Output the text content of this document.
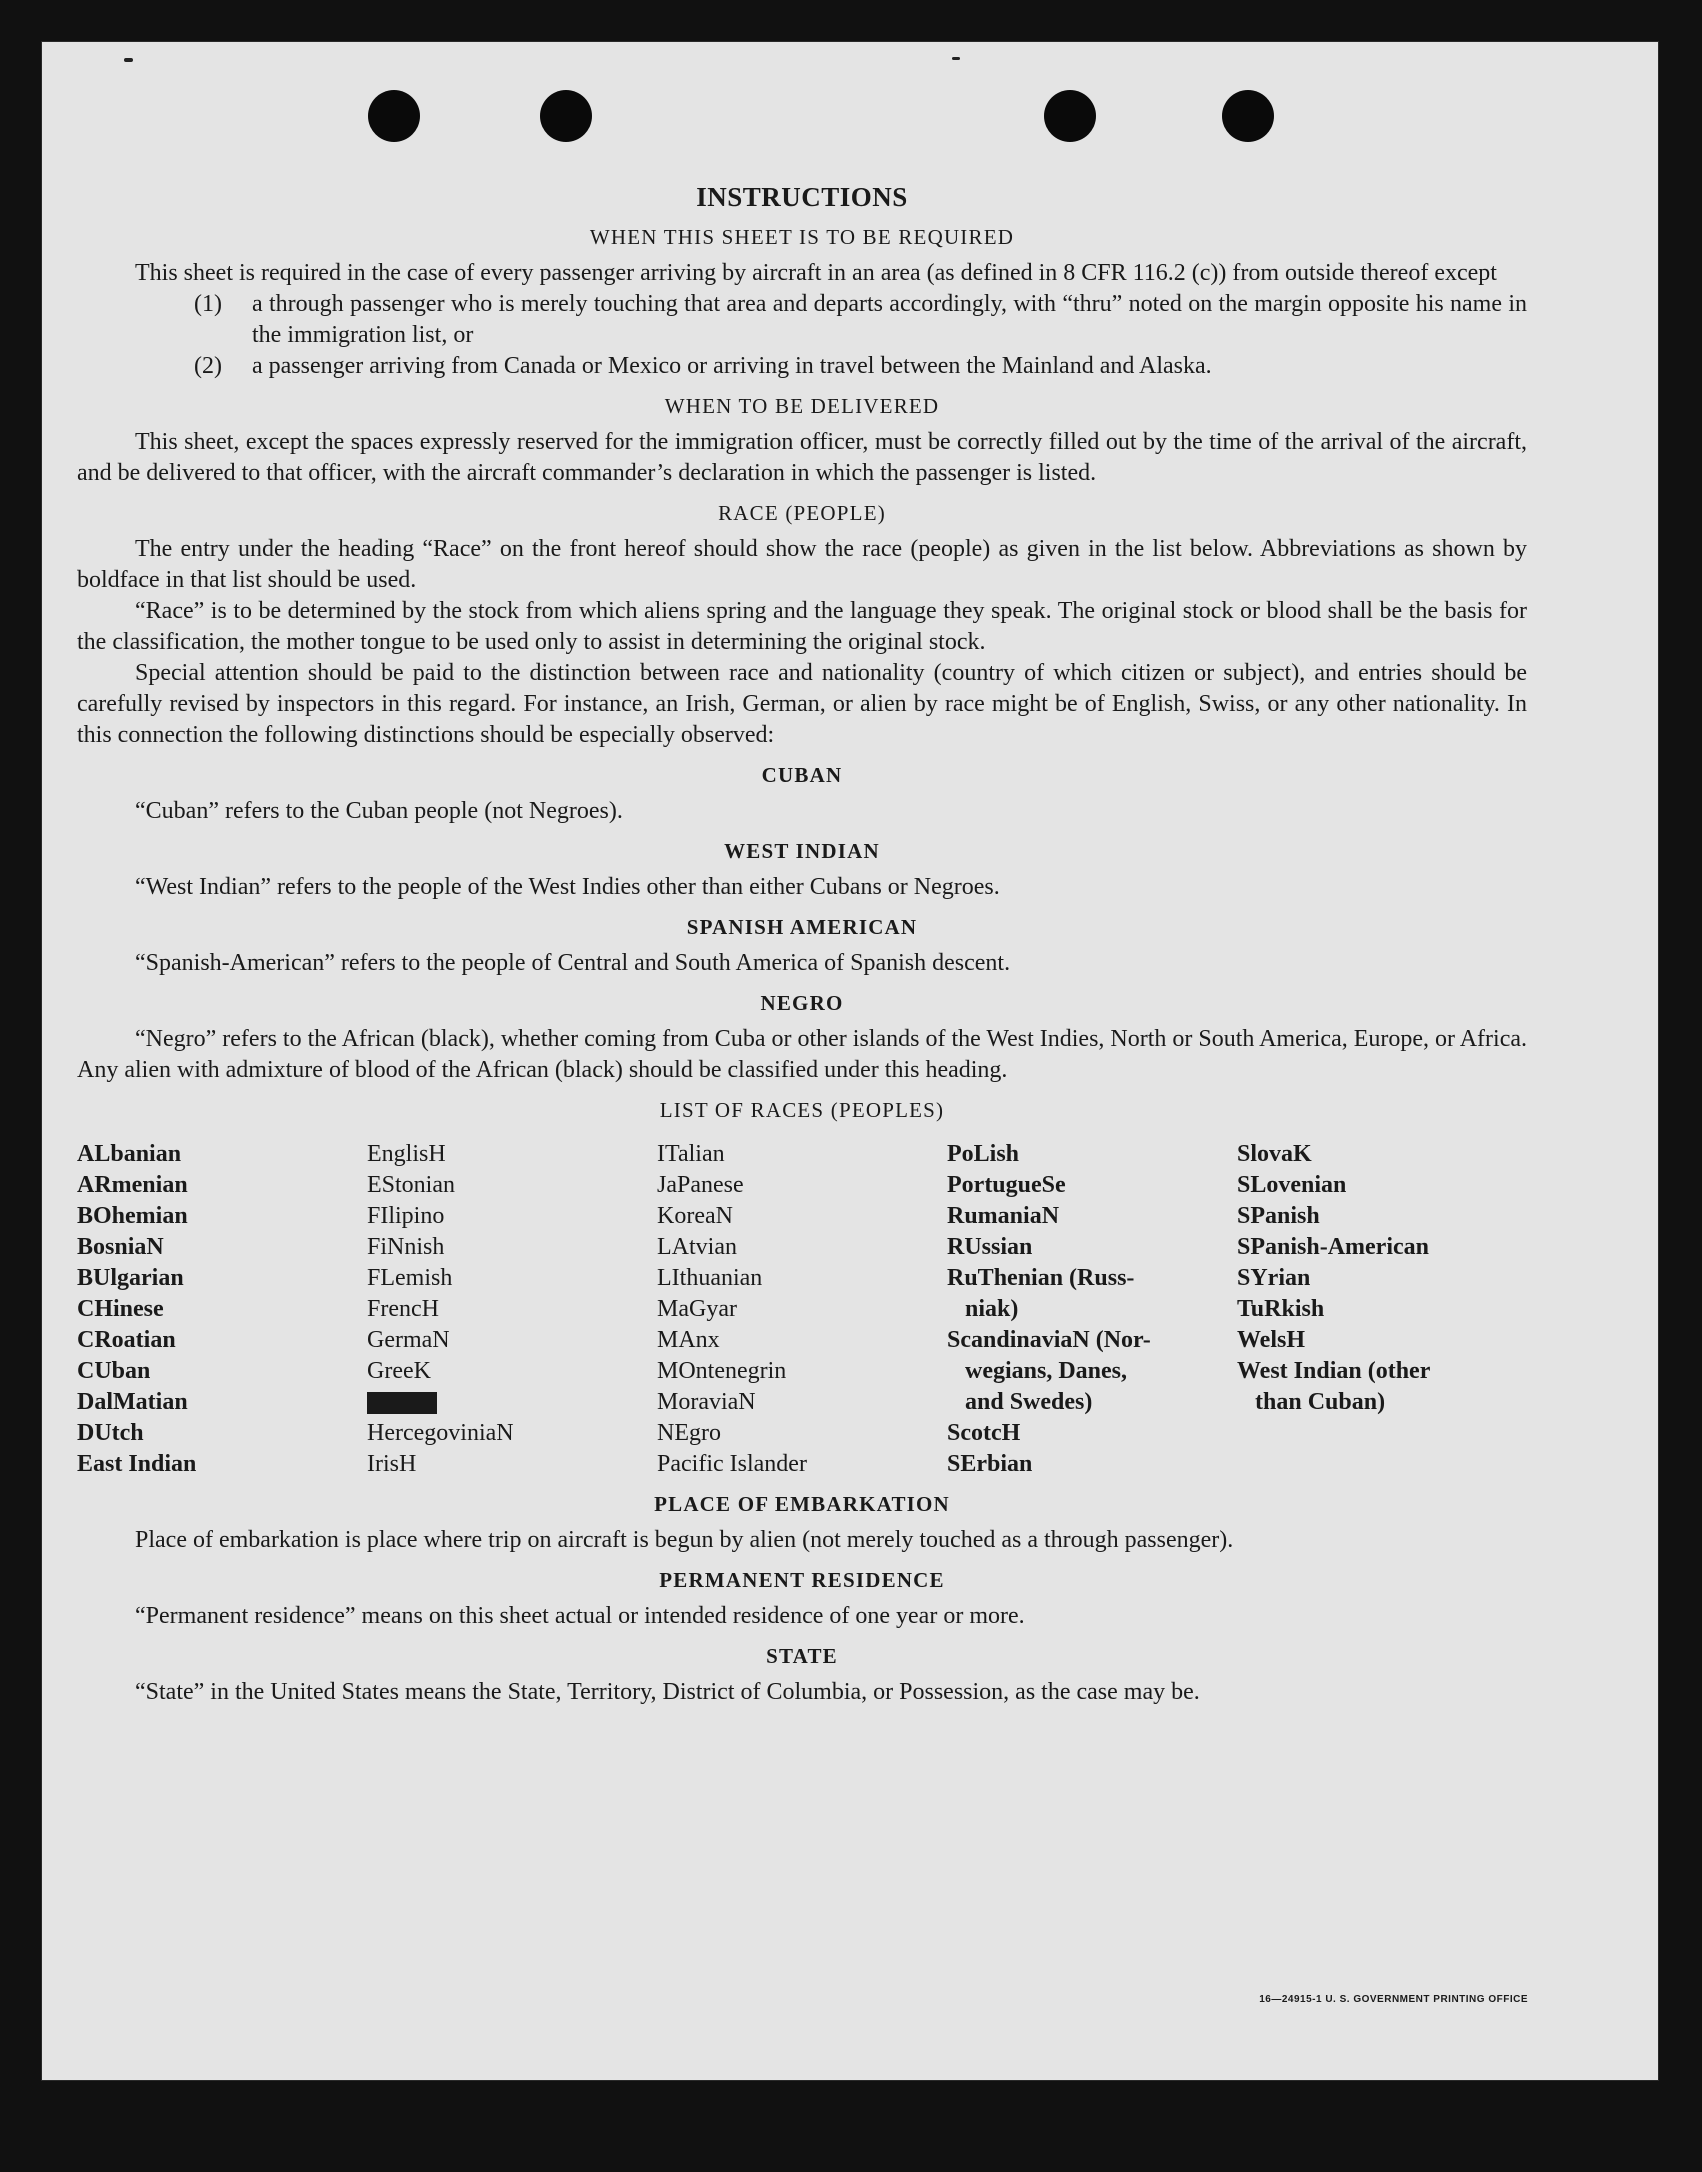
INSTRUCTIONS
WHEN THIS SHEET IS TO BE REQUIRED

This sheet is required in the case of every passenger arriving by aircraft in an area (as defined in 8 CFR 116.2 (c)) from outside thereof except

(1)	a through passenger who is merely touching that area and departs accordingly, with “thru” noted on the margin opposite his name in the immigration list, or
(2)	a passenger arriving from Canada or Mexico or arriving in travel between the Mainland and Alaska.
WHEN TO BE DELIVERED

This sheet, except the spaces expressly reserved for the immigration officer, must be correctly filled out by the time of the arrival of the aircraft, and be delivered to that officer, with the aircraft commander’s declaration in which the passenger is listed.

RACE (PEOPLE)

The entry under the heading “Race” on the front hereof should show the race (people) as given in the list below. Abbreviations as shown by boldface in that list should be used.

“Race” is to be determined by the stock from which aliens spring and the language they speak. The original stock or blood shall be the basis for the classification, the mother tongue to be used only to assist in determining the original stock.

Special attention should be paid to the distinction between race and nationality (country of which citizen or subject), and entries should be carefully revised by inspectors in this regard. For instance, an Irish, German, or alien by race might be of English, Swiss, or any other nationality. In this connection the following distinctions should be especially observed:

CUBAN

“Cuban” refers to the Cuban people (not Negroes).

WEST INDIAN

“West Indian” refers to the people of the West Indies other than either Cubans or Negroes.

SPANISH AMERICAN

“Spanish-American” refers to the people of Central and South America of Spanish descent.

NEGRO

“Negro” refers to the African (black), whether coming from Cuba or other islands of the West Indies, North or South America, Europe, or Africa. Any alien with admixture of blood of the African (black) should be classified under this heading.

LIST OF RACES (PEOPLES)
ALbanian
ARmenian
BOhemian
BosniaN
BUlgarian
CHinese
CRoatian
CUban
DalMatian
DUtch
East Indian
EnglisH
EStonian
FIlipino
FiNnish
FLemish
FrencH
GermaN
GreeK
HercegoviniaN
IrisH
ITalian
JaPanese
KoreaN
LAtvian
LIthuanian
MaGyar
MAnx
MOntenegrin
MoraviaN
NEgro
Pacific Islander
PoLish
PortugueSe
RumaniaN
RUssian
RuThenian (Russ-
niak)
ScandinaviaN (Nor-
wegians, Danes,
and Swedes)
ScotcH
SErbian
SlovaK
SLovenian
SPanish
SPanish-American
SYrian
TuRkish
WelsH
West Indian (other
than Cuban)
PLACE OF EMBARKATION

Place of embarkation is place where trip on aircraft is begun by alien (not merely touched as a through passenger).

PERMANENT RESIDENCE

“Permanent residence” means on this sheet actual or intended residence of one year or more.

STATE

“State” in the United States means the State, Territory, District of Columbia, or Possession, as the case may be.

16—24915-1 U. S. GOVERNMENT PRINTING OFFICE
